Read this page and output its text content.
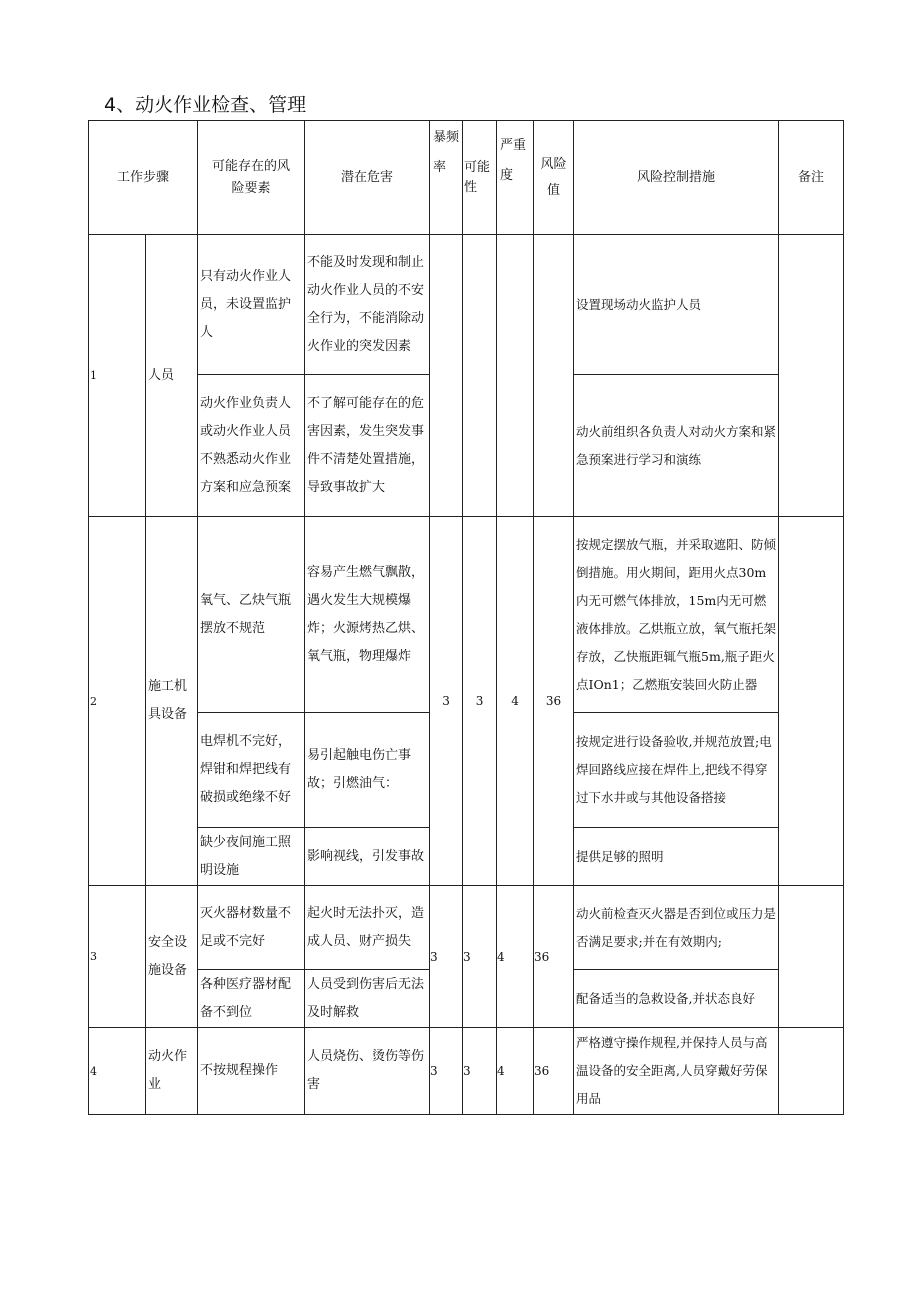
4、动火作业检查、管理
工作步骤		可能存在的风险要素	潜在危害	暴频率	可能性	严重度	风险值	风险控制措施	备注
1	人员	只有动火作业人员，未设置监护人	不能及时发现和制止动火作业人员的不安全行为，不能消除动火作业的突发因素					设置现场动火监护人员	
		动火作业负责人或动火作业人员不熟悉动火作业方案和应急预案	不了解可能存在的危害因素，发生突发事件不清楚处置措施，导致事故扩大					动火前组织各负责人对动火方案和紧急预案进行学习和演练	
2	施工机具设备	氧气、乙炔气瓶摆放不规范	容易产生燃气飘散，遇火发生大规模爆炸；火源烤热乙烘、氧气瓶，物理爆炸	3	3	4	36	按规定摆放气瓶，并采取遮阳、防倾倒措施。用火期间，距用火点30m内无可燃气体排放，15m内无可燃液体排放。乙烘瓶立放，氧气瓶托架存放，乙快瓶距辄气瓶5m,瓶子距火点IOn1；乙燃瓶安装回火防止器	
		电焊机不完好，焊钳和焊把线有破损或绝缘不好	易引起触电伤亡事故；引燃油气：					按规定进行设备验收,并规范放置;电焊回路线应接在焊件上,把线不得穿过下水井或与其他设备搭接	
		缺少夜间施工照明设施	影响视线，引发事故					提供足够的照明	
3	安全设施设备	灭火器材数量不足或不完好	起火时无法扑灭，造成人员、财产损失	3	3	4	36	动火前检查灭火器是否到位或压力是否满足要求;并在有效期内;	
		各种医疗器材配备不到位	人员受到伤害后无法及时解救					配备适当的急救设备,并状态良好	
4	动火作业	不按规程操作	人员烧伤、烫伤等伤害	3	3	4	36	严格遵守操作规程,并保持人员与高温设备的安全距离,人员穿戴好劳保用品	
